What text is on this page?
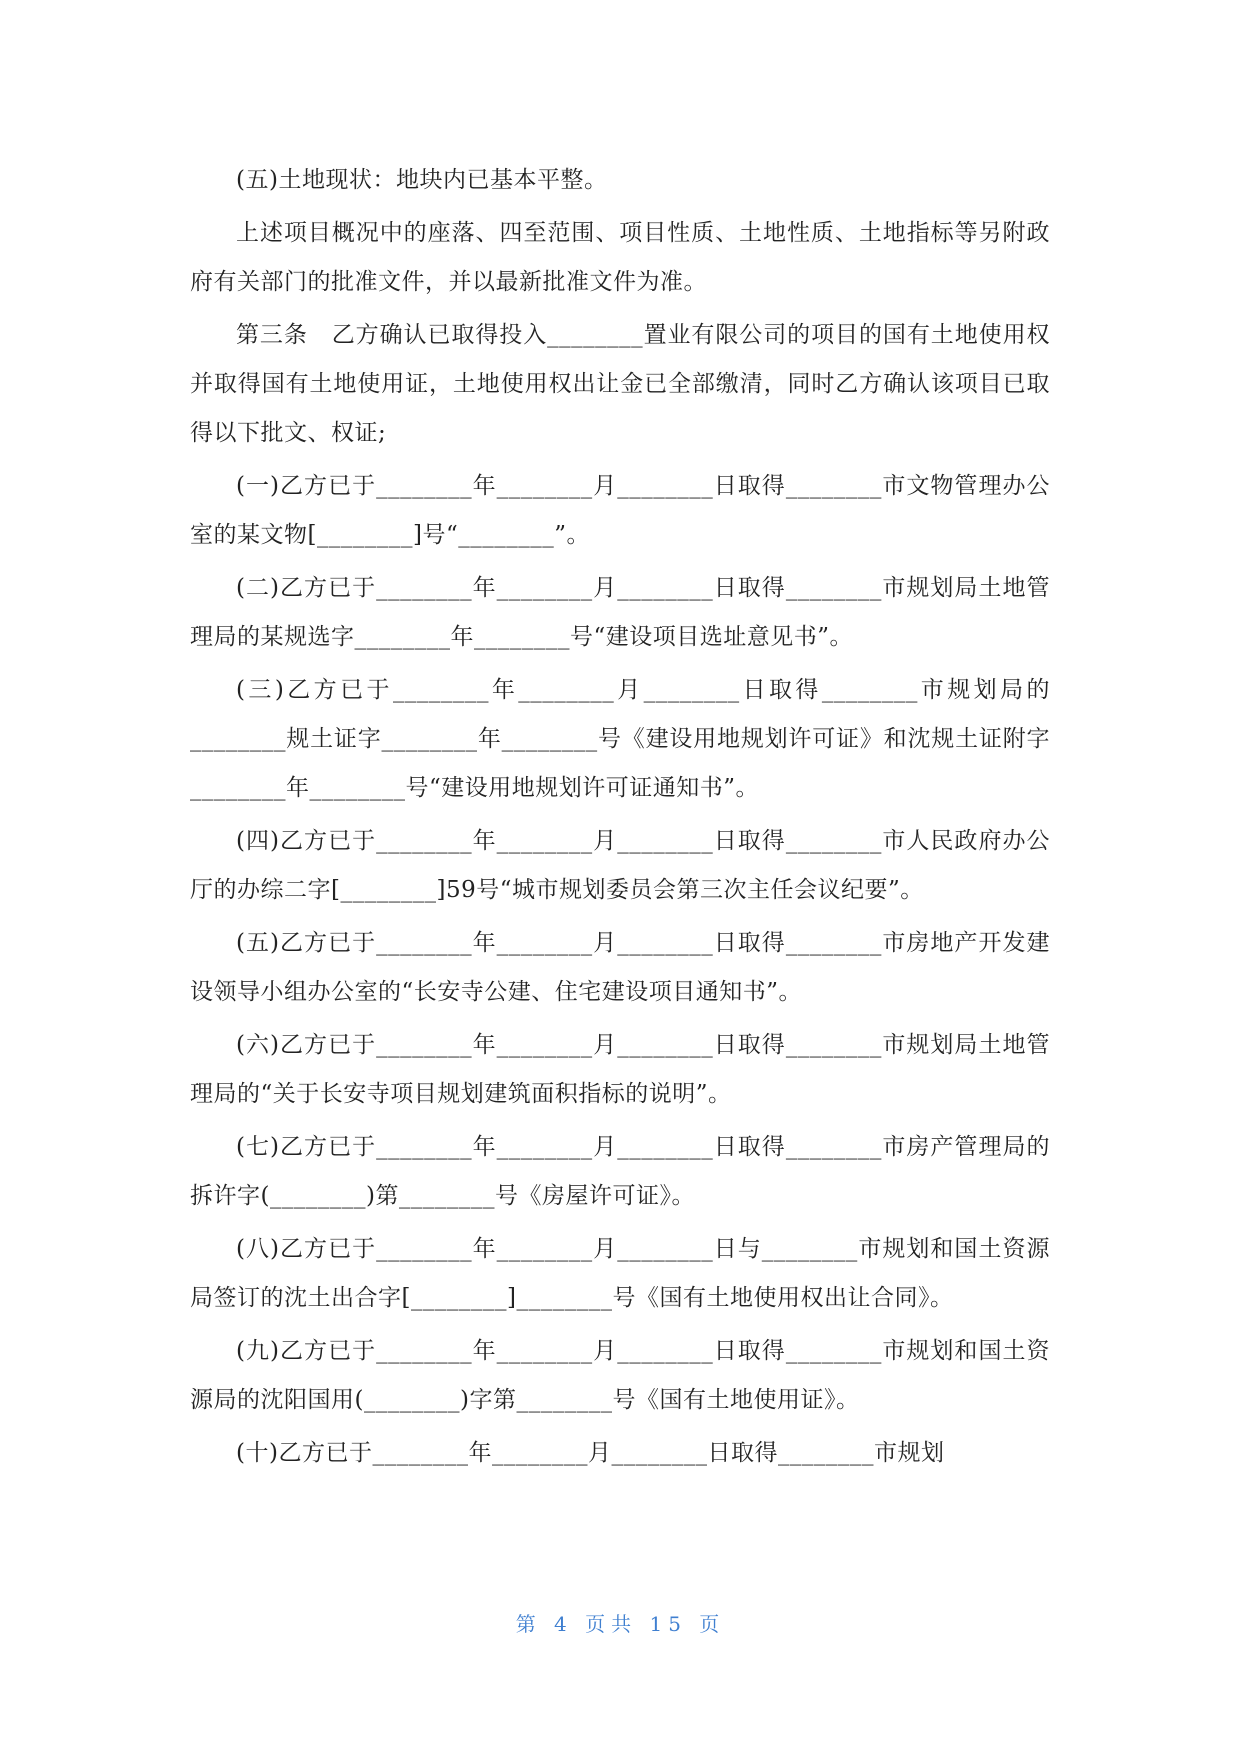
(五)土地现状：地块内已基本平整。

上述项目概况中的座落、四至范围、项目性质、土地性质、土地指标等另附政府有关部门的批准文件，并以最新批准文件为准。

第三条　乙方确认已取得投入________置业有限公司的项目的国有土地使用权并取得国有土地使用证，土地使用权出让金已全部缴清，同时乙方确认该项目已取得以下批文、权证;

(一)乙方已于________年________月________日取得________市文物管理办公室的某文物[________]号“________”。

(二)乙方已于________年________月________日取得________市规划局土地管理局的某规选字________年________号“建设项目选址意见书”。

(三)乙方已于________年________月________日取得________市规划局的________规土证字________年________号《建设用地规划许可证》和沈规土证附字________年________号“建设用地规划许可证通知书”。

(四)乙方已于________年________月________日取得________市人民政府办公厅的办综二字[________]59号“城市规划委员会第三次主任会议纪要”。

(五)乙方已于________年________月________日取得________市房地产开发建设领导小组办公室的“长安寺公建、住宅建设项目通知书”。

(六)乙方已于________年________月________日取得________市规划局土地管理局的“关于长安寺项目规划建筑面积指标的说明”。

(七)乙方已于________年________月________日取得________市房产管理局的拆许字(________)第________号《房屋许可证》。

(八)乙方已于________年________月________日与________市规划和国土资源局签订的沈土出合字[________]________号《国有土地使用权出让合同》。

(九)乙方已于________年________月________日取得________市规划和国土资源局的沈阳国用(________)字第________号《国有土地使用证》。

(十)乙方已于________年________月________日取得________市规划

第 4 页共 15 页
